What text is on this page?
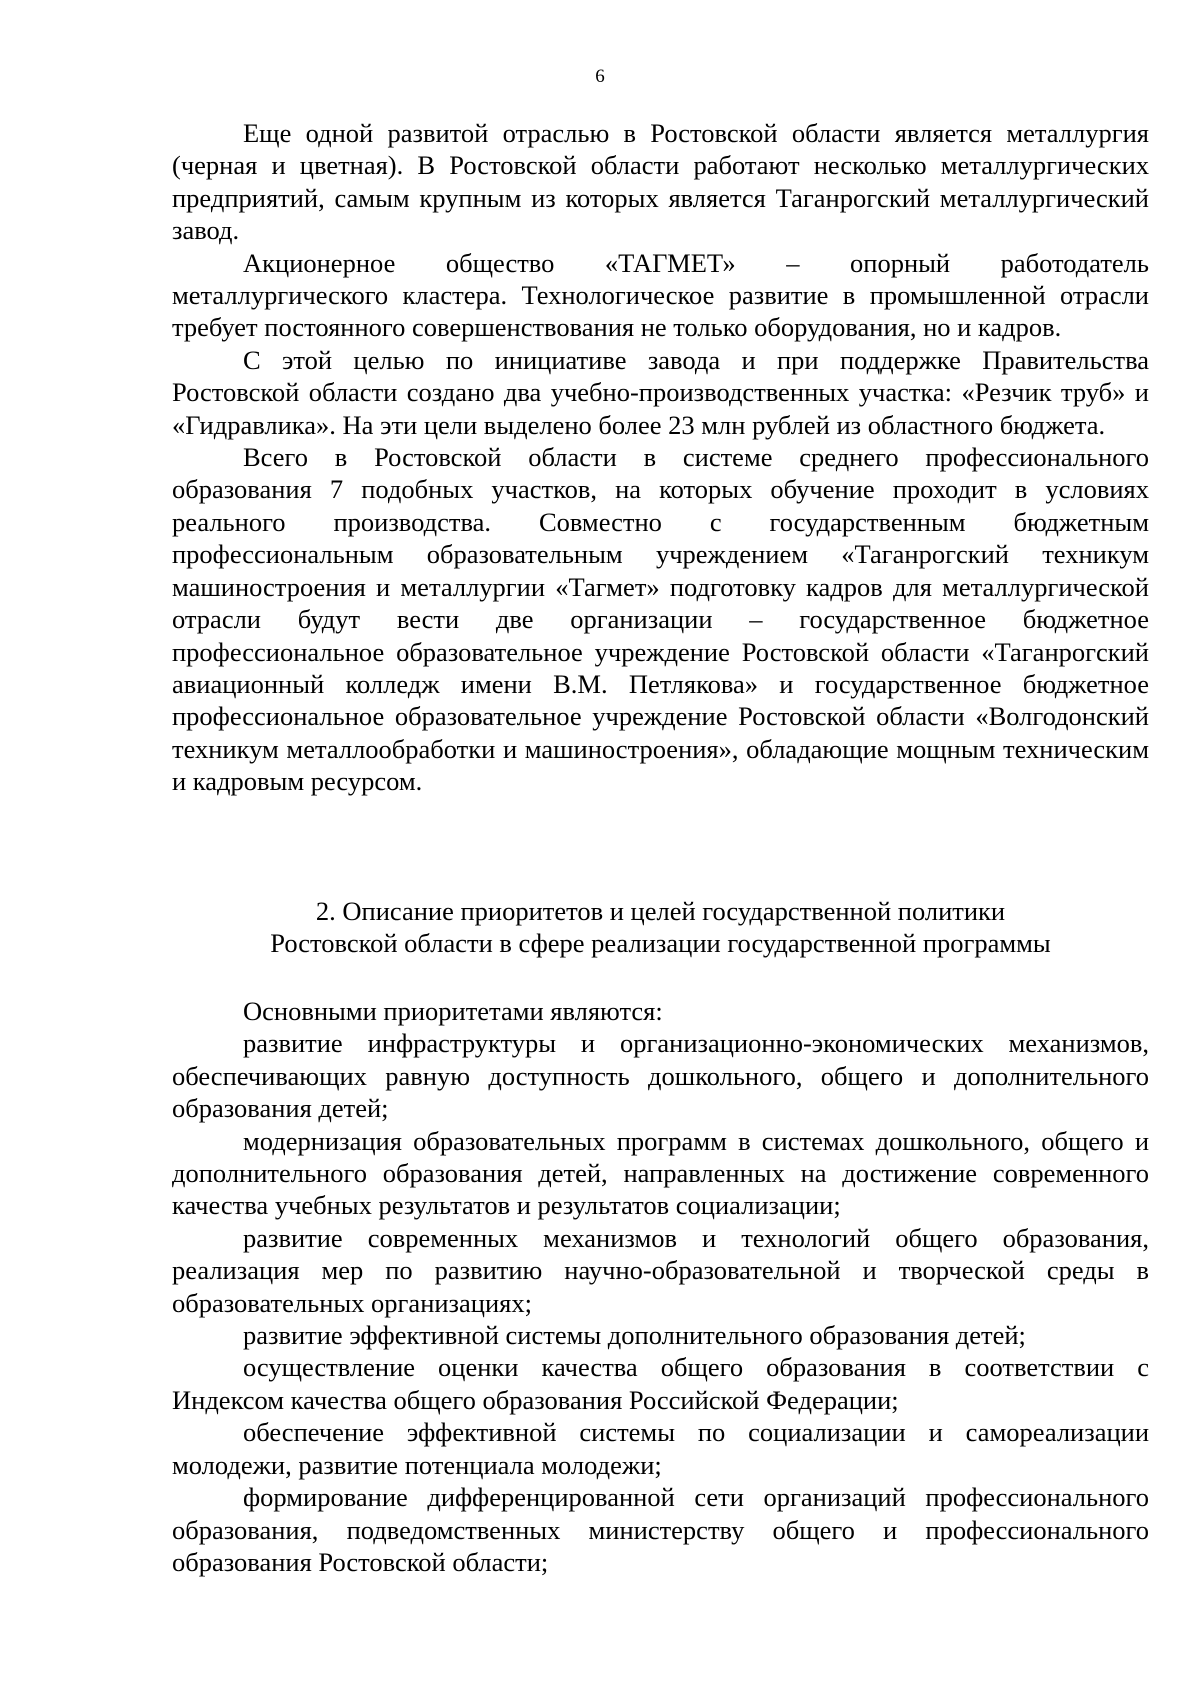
6

Еще одной развитой отраслью в Ростовской области является металлургия (черная и цветная). В Ростовской области работают несколько металлургических предприятий, самым крупным из которых является Таганрогский металлургический завод.

Акционерное общество «ТАГМЕТ» – опорный работодатель металлургического кластера. Технологическое развитие в промышленной отрасли требует постоянного совершенствования не только оборудования, но и кадров.

С этой целью по инициативе завода и при поддержке Правительства Ростовской области создано два учебно-производственных участка: «Резчик труб» и «Гидравлика». На эти цели выделено более 23 млн рублей из областного бюджета.

Всего в Ростовской области в системе среднего профессионального образования 7 подобных участков, на которых обучение проходит в условиях реального производства. Совместно с государственным бюджетным профессиональным образовательным учреждением «Таганрогский техникум машиностроения и металлургии «Тагмет» подготовку кадров для металлургической отрасли будут вести две организации – государственное бюджетное профессиональное образовательное учреждение Ростовской области «Таганрогский авиационный колледж имени В.М. Петлякова» и государственное бюджетное профессиональное образовательное учреждение Ростовской области «Волгодонский техникум металлообработки и машиностроения», обладающие мощным техническим и кадровым ресурсом.

2. Описание приоритетов и целей государственной политики

Ростовской области в сфере реализации государственной программы

Основными приоритетами являются:

развитие инфраструктуры и организационно-экономических механизмов, обеспечивающих равную доступность дошкольного, общего и дополнительного образования детей;

модернизация образовательных программ в системах дошкольного, общего и дополнительного образования детей, направленных на достижение современного качества учебных результатов и результатов социализации;

развитие современных механизмов и технологий общего образования, реализация мер по развитию научно-образовательной и творческой среды в образовательных организациях;

развитие эффективной системы дополнительного образования детей;

осуществление оценки качества общего образования в соответствии с Индексом качества общего образования Российской Федерации;

обеспечение эффективной системы по социализации и самореализации молодежи, развитие потенциала молодежи;

формирование дифференцированной сети организаций профессионального образования, подведомственных министерству общего и профессионального образования Ростовской области;
